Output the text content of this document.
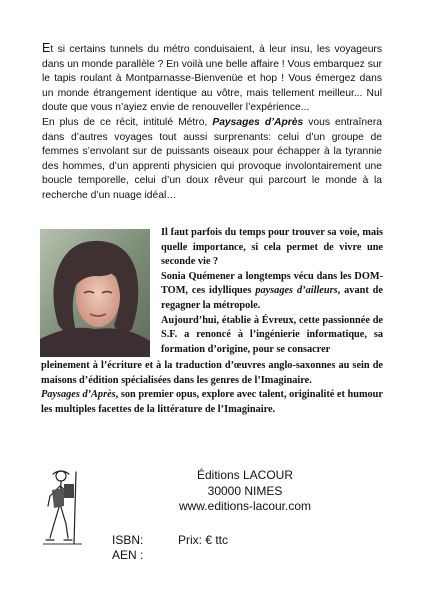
Et si certains tunnels du métro conduisaient, à leur insu, les voyageurs dans un monde parallèle ? En voilà une belle affaire ! Vous embarquez sur le tapis roulant à Montparnasse-Bienvenüe et hop ! Vous émergez dans un monde étrangement identique au vôtre, mais tellement meilleur... Nul doute que vous n’ayiez envie de renouveller l’expérience...
En plus de ce récit, intitulé Métro, Paysages d’Après vous entraînera dans d’autres voyages tout aussi surprenants: celui d’un groupe de femmes s’envolant sur de puissants oiseaux pour échapper à la tyrannie des hommes, d’un apprenti physicien qui provoque involontairement une boucle temporelle, celui d’un doux rêveur qui parcourt le monde à la recherche d’un nuage idéal…

Il faut parfois du temps pour trouver sa voie, mais quelle importance, si cela permet de vivre une seconde vie ?

Sonia Quémener a longtemps vécu dans les DOM-TOM, ces idylliques paysages d’ailleurs, avant de regagner la métropole.

Aujourd’hui, établie à Évreux, cette passionnée de S.F. a renoncé à l’ingénierie informatique, sa formation d’origine, pour se consacrer

pleinement à l’écriture et à la traduction d’œuvres anglo-saxonnes au sein de maisons d’édition spécialisées dans les genres de l’Imaginaire.

Paysages d’Après, son premier opus, explore avec talent, originalité et humour les multiples facettes de la littérature de l’Imaginaire.

Éditions LACOUR
30000 NIMES
www.editions-lacour.com
ISBN:	Prix: € ttc
AEN :
